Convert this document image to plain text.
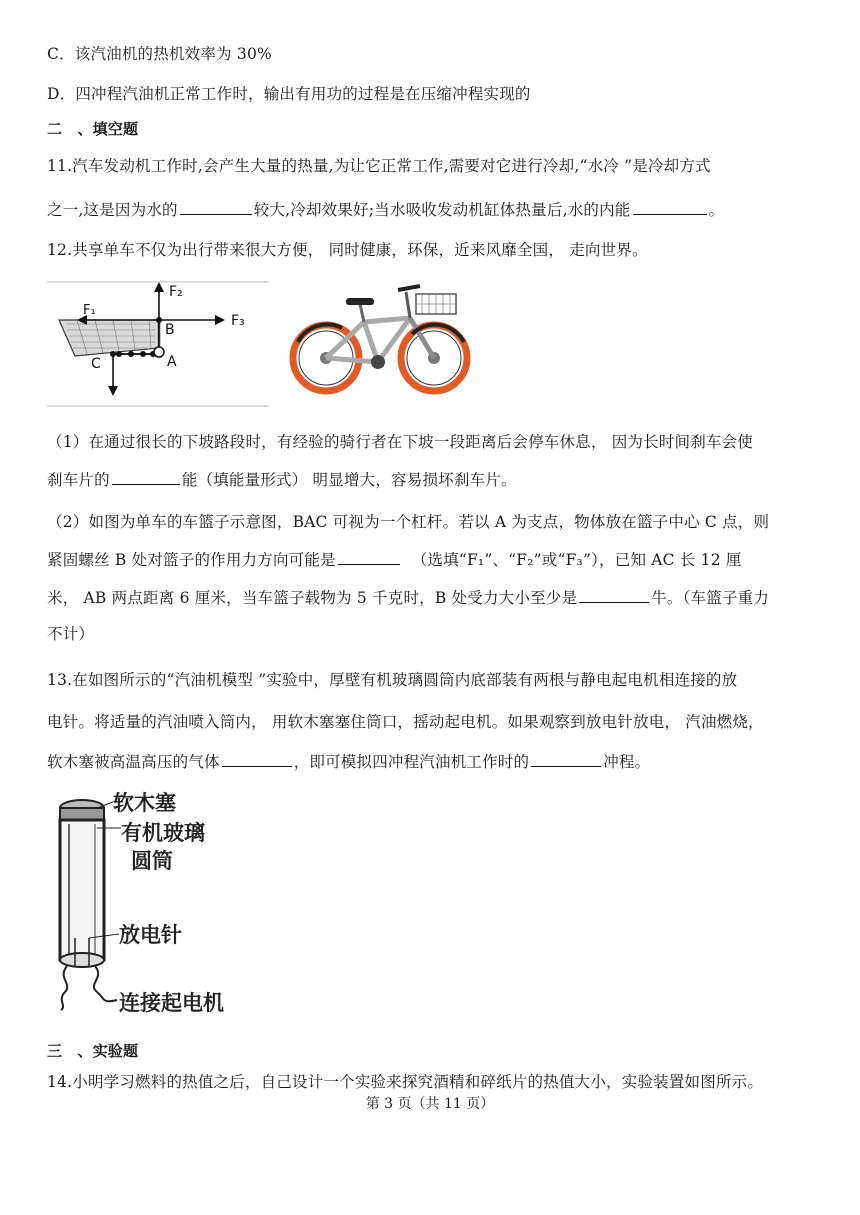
C．该汽油机的热机效率为 30%
D．四冲程汽油机正常工作时，输出有用功的过程是在压缩冲程实现的
二　、填空题
11.汽车发动机工作时,会产生大量的热量,为让它正常工作,需要对它进行冷却,“水冷 ”是冷却方式
之一,这是因为水的	较大,冷却效果好;当水吸收发动机缸体热量后,水的内能	。
12.共享单车不仅为出行带来很大方便， 同时健康，环保，近来风靡全国， 走向世界。
F₂
F₃
F₁
B
A
C
（1）在通过很长的下坡路段时，有经验的骑行者在下坡一段距离后会停车休息， 因为长时间刹车会使
刹车片的	能（填能量形式） 明显增大，容易损坏刹车片。
（2）如图为单车的车篮子示意图，BAC 可视为一个杠杆。若以 A 为支点，物体放在篮子中心 C 点，则
紧固螺丝 B 处对篮子的作用力方向可能是	（选填“F₁”、“F₂”或“F₃”），已知 AC 长 12 厘
米， AB 两点距离 6 厘米，当车篮子载物为 5 千克时，B 处受力大小至少是	牛。（车篮子重力
不计）
13.在如图所示的“汽油机模型 ”实验中，厚壁有机玻璃圆筒内底部装有两根与静电起电机相连接的放
电针。将适量的汽油喷入筒内， 用软木塞塞住筒口，摇动起电机。如果观察到放电针放电， 汽油燃烧，
软木塞被高温高压的气体	，即可模拟四冲程汽油机工作时的	冲程。
软木塞
有机玻璃
圆筒
放电针
连接起电机
三　、实验题
14.小明学习燃料的热值之后，自己设计一个实验来探究酒精和碎纸片的热值大小，实验装置如图所示。
第 3 页（共 11 页）
